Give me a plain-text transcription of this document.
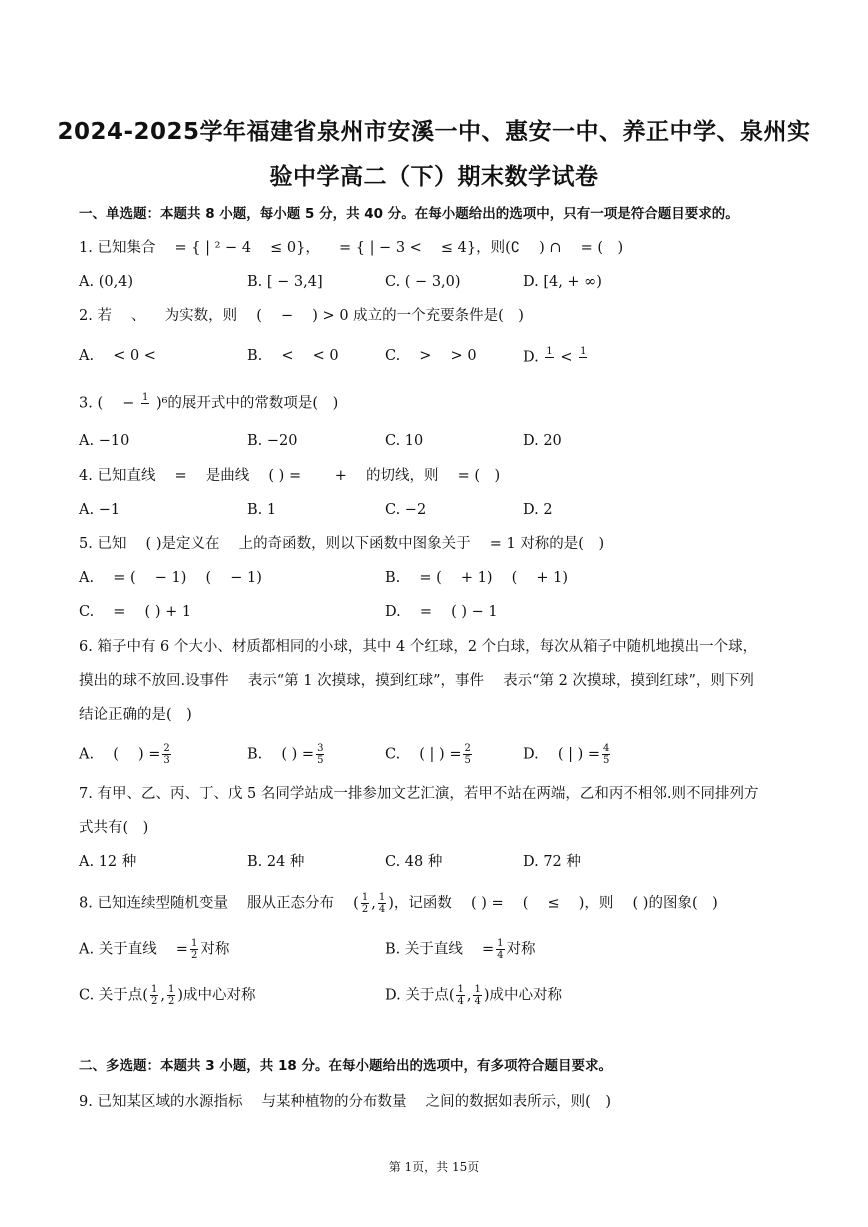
2024-2025学年福建省泉州市安溪一中、惠安一中、养正中学、泉州实
验中学高二（下）期末数学试卷
一、单选题：本题共 8 小题，每小题 5 分，共 40 分。在每小题给出的选项中，只有一项是符合题目要求的。
1. 已知集合 　= { | ² − 4 　≤ 0}， 　= { | − 3 < 　≤ 4}，则(∁ 　) ∩ 　= (　)
A. (0,4)	B. [ − 3,4]	C. ( − 3,0)	D. [4, + ∞)
2. 若 　、 　为实数，则 　( 　− 　) > 0 成立的一个充要条件是(　)
A. 　< 0 <	B. 　< 　< 0	C. 　> 　> 0	D. 1 < 1
3. ( 　− 1 )⁶的展开式中的常数项是(　)
A. −10	B. −20	C. 10	D. 20
4. 已知直线 　= 　是曲线 　( ) = 　　+ 　的切线，则 　= (　)
A. −1	B. 1	C. −2	D. 2
5. 已知 　( )是定义在 　上的奇函数，则以下函数中图象关于 　= 1 对称的是(　)
A. 　= ( 　− 1) 　( 　− 1)	B. 　= ( 　+ 1) 　( 　+ 1)
C. 　= 　( ) + 1	D. 　= 　( ) − 1
6. 箱子中有 6 个大小、材质都相同的小球，其中 4 个红球，2 个白球，每次从箱子中随机地摸出一个球，
摸出的球不放回.设事件 　表示“第 1 次摸球，摸到红球”，事件 　表示“第 2 次摸球，摸到红球”，则下列
结论正确的是(　)
A. 　( 　) = $\frac{2}{3}$	B. 　( ) = $\frac{3}{5}$	C. 　( | ) = $\frac{2}{5}$	D. 　( | ) = $\frac{4}{5}$
7. 有甲、乙、丙、丁、戊 5 名同学站成一排参加文艺汇演，若甲不站在两端，乙和丙不相邻.则不同排列方
式共有(　)
A. 12 种	B. 24 种	C. 48 种	D. 72 种
8. 已知连续型随机变量 　服从正态分布 　( $\frac{1}{2}$ , $\frac{1}{4}$ )，记函数 　( ) = 　( 　≤ 　)，则 　( )的图象(　)
A. 关于直线 　= $\frac{1}{2}$ 对称	B. 关于直线 　= $\frac{1}{4}$ 对称
C. 关于点( $\frac{1}{2}$ , $\frac{1}{2}$ )成中心对称	D. 关于点( $\frac{1}{4}$ , $\frac{1}{4}$ )成中心对称
二、多选题：本题共 3 小题，共 18 分。在每小题给出的选项中，有多项符合题目要求。
9. 已知某区域的水源指标 　与某种植物的分布数量 　之间的数据如表所示，则(　)
第 1页，共 15页
